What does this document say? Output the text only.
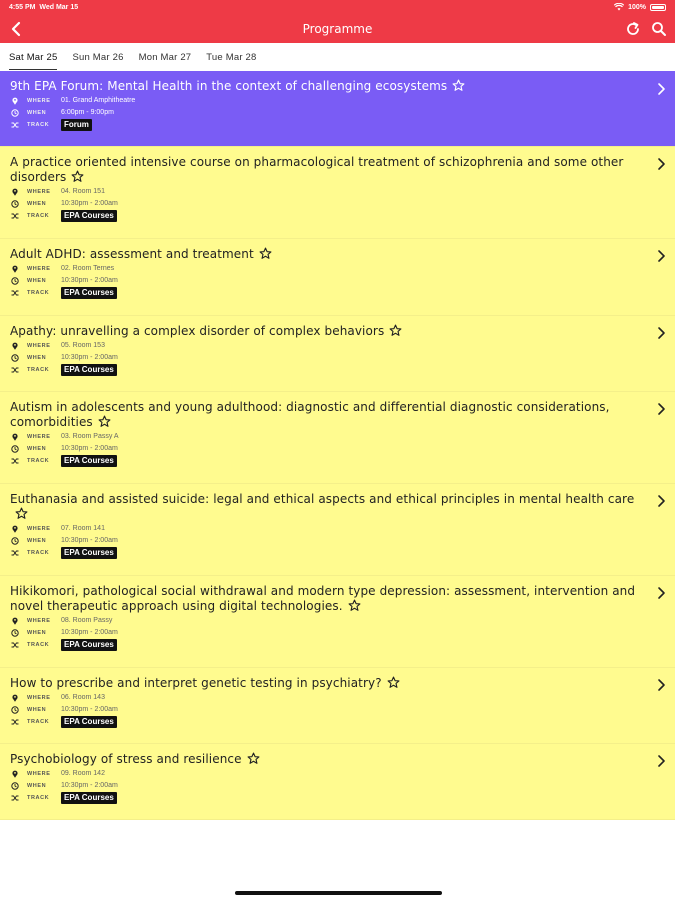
4:55 PM Wed Mar 15	100%
Programme
Sat Mar 25 Sun Mar 26 Mon Mar 27 Tue Mar 28
9th EPA Forum: Mental Health in the context of challenging ecosystems
WHERE	01. Grand Amphitheatre
WHEN	6:00pm - 9:00pm
TRACK	Forum
A practice oriented intensive course on pharmacological treatment of schizophrenia and some other disorders
WHERE	04. Room 151
WHEN	10:30pm - 2:00am
TRACK	EPA Courses
Adult ADHD: assessment and treatment
WHERE	02. Room Ternes
WHEN	10:30pm - 2:00am
TRACK	EPA Courses
Apathy: unravelling a complex disorder of complex behaviors
WHERE	05. Room 153
WHEN	10:30pm - 2:00am
TRACK	EPA Courses
Autism in adolescents and young adulthood: diagnostic and differential diagnostic considerations, comorbidities
WHERE	03. Room Passy A
WHEN	10:30pm - 2:00am
TRACK	EPA Courses
Euthanasia and assisted suicide: legal and ethical aspects and ethical principles in mental health care
WHERE	07. Room 141
WHEN	10:30pm - 2:00am
TRACK	EPA Courses
Hikikomori, pathological social withdrawal and modern type depression: assessment, intervention and novel therapeutic approach using digital technologies.
WHERE	08. Room Passy
WHEN	10:30pm - 2:00am
TRACK	EPA Courses
How to prescribe and interpret genetic testing in psychiatry?
WHERE	06. Room 143
WHEN	10:30pm - 2:00am
TRACK	EPA Courses
Psychobiology of stress and resilience
WHERE	09. Room 142
WHEN	10:30pm - 2:00am
TRACK	EPA Courses
